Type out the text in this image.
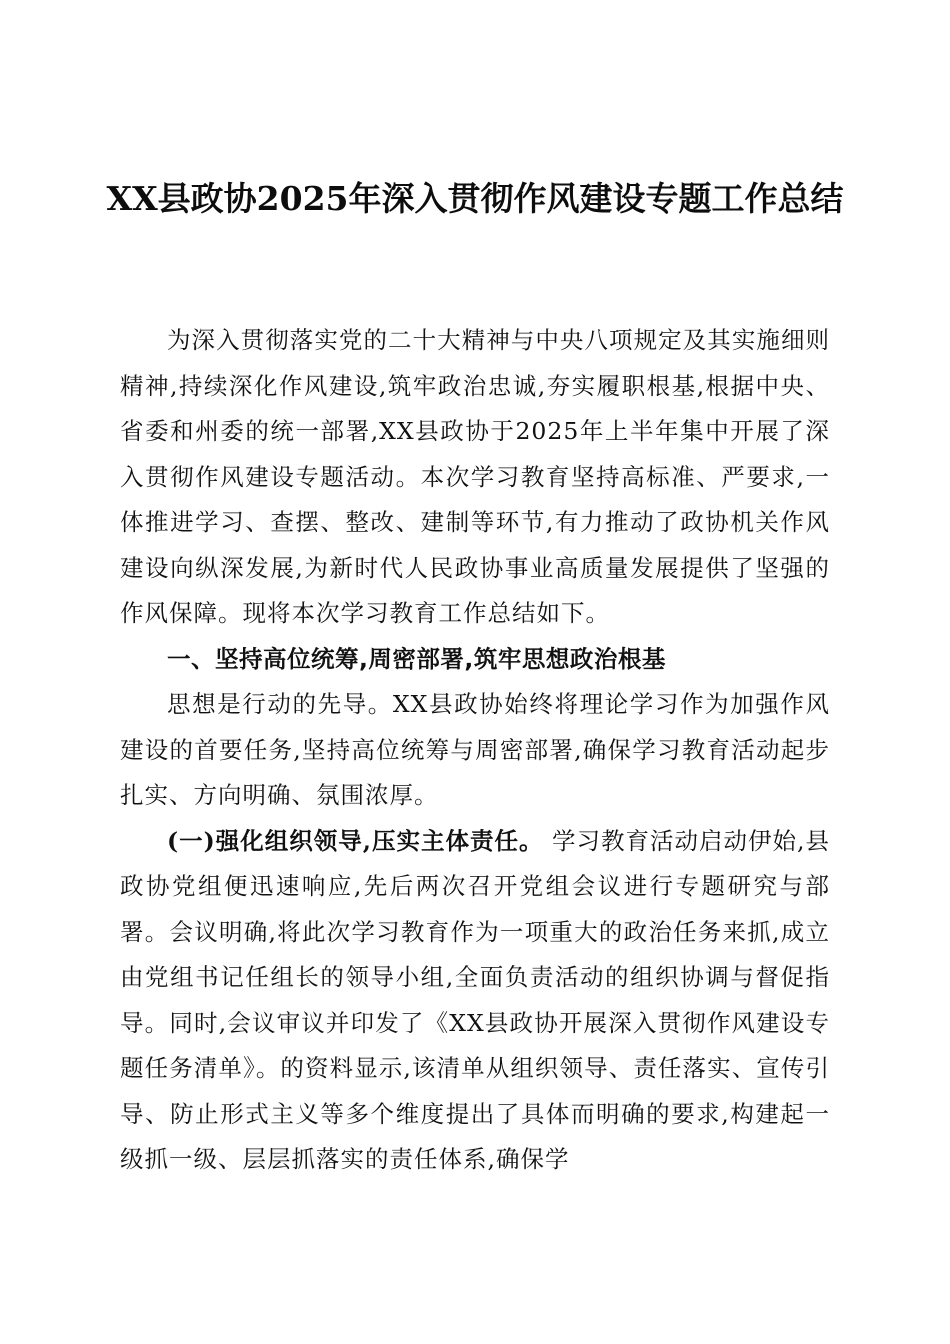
XX县政协2025年深入贯彻作风建设专题工作总结

为深入贯彻落实党的二十大精神与中央八项规定及其实施细则精神,持续深化作风建设,筑牢政治忠诚,夯实履职根基,根据中央、省委和州委的统一部署,XX县政协于2025年上半年集中开展了深入贯彻作风建设专题活动。本次学习教育坚持高标准、严要求,一体推进学习、查摆、整改、建制等环节,有力推动了政协机关作风建设向纵深发展,为新时代人民政协事业高质量发展提供了坚强的作风保障。现将本次学习教育工作总结如下。

一、坚持高位统筹,周密部署,筑牢思想政治根基

思想是行动的先导。XX县政协始终将理论学习作为加强作风建设的首要任务,坚持高位统筹与周密部署,确保学习教育活动起步扎实、方向明确、氛围浓厚。

(一)强化组织领导,压实主体责任。 学习教育活动启动伊始,县政协党组便迅速响应,先后两次召开党组会议进行专题研究与部署。会议明确,将此次学习教育作为一项重大的政治任务来抓,成立由党组书记任组长的领导小组,全面负责活动的组织协调与督促指导。同时,会议审议并印发了《XX县政协开展深入贯彻作风建设专题任务清单》。的资料显示,该清单从组织领导、责任落实、宣传引导、防止形式主义等多个维度提出了具体而明确的要求,构建起一级抓一级、层层抓落实的责任体系,确保学
